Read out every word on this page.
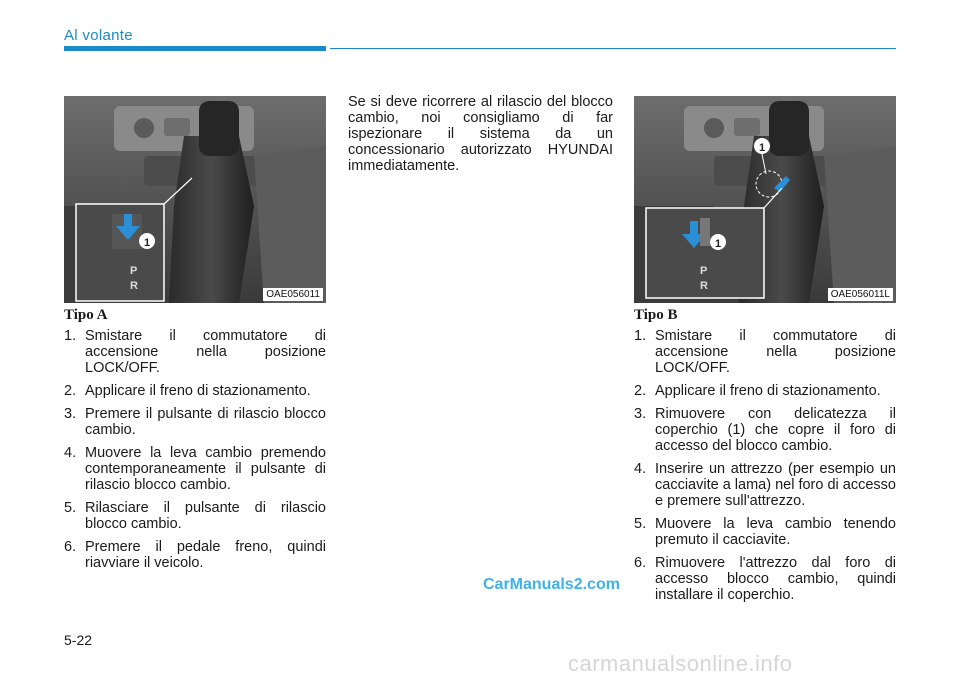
Al volante
1
P
R
OAE056011
Tipo A
1. Smistare il commutatore di accensione nella posizione LOCK/OFF.
2. Applicare il freno di stazionamento.
3. Premere il pulsante di rilascio blocco cambio.
4. Muovere la leva cambio premendo contemporaneamente il pulsante di rilascio blocco cambio.
5. Rilasciare il pulsante di rilascio blocco cambio.
6. Premere il pedale freno, quindi riavviare il veicolo.
Se si deve ricorrere al rilascio del blocco cambio, noi consigliamo di far ispezionare il sistema da un concessionario autorizzato HYUNDAI immediatamente.
1
1
P
R
OAE056011L
Tipo B
1. Smistare il commutatore di accensione nella posizione LOCK/OFF.
2. Applicare il freno di stazionamento.
3. Rimuovere con delicatezza il coperchio (1) che copre il foro di accesso del blocco cambio.
4. Inserire un attrezzo (per esempio un cacciavite a lama) nel foro di accesso e premere sull'attrezzo.
5. Muovere la leva cambio tenendo premuto il cacciavite.
6. Rimuovere l'attrezzo dal foro di accesso blocco cambio, quindi installare il coperchio.
CarManuals2.com
5-22
carmanualsonline.info
